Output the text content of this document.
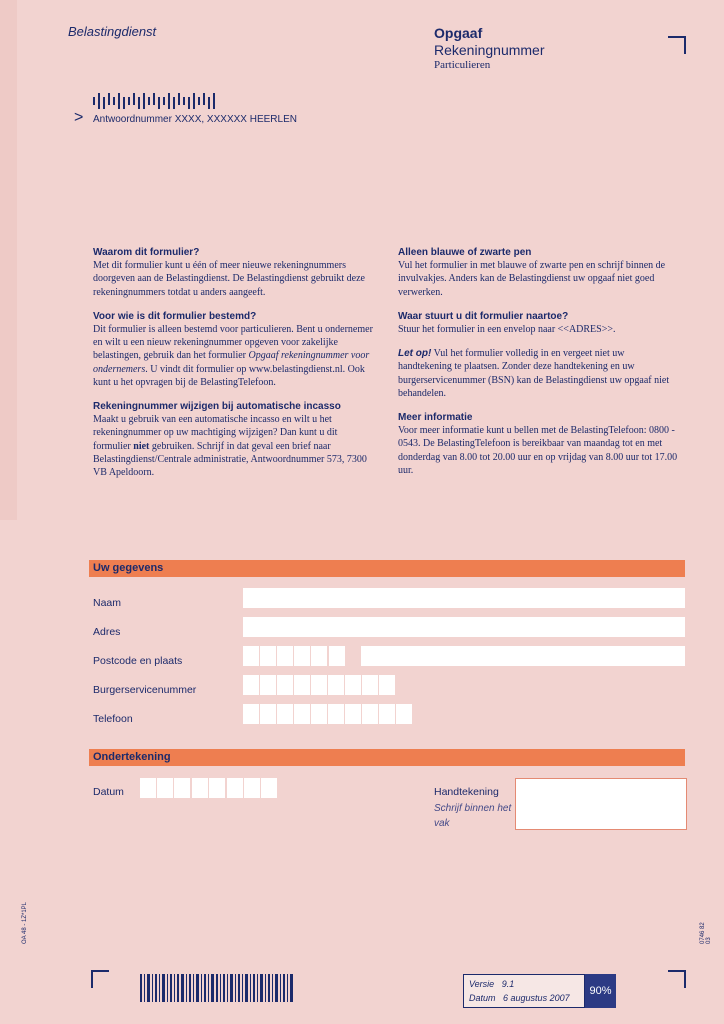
Belastingdienst	Opgaaf
Rekeningnummer
Particulieren
> Antwoordnummer XXXX, XXXXXX HEERLEN
Waarom dit formulier?

Met dit formulier kunt u één of meer nieuwe rekeningnummers doorgeven aan de Belastingdienst. De Belastingdienst gebruikt deze rekeningnummers totdat u anders aangeeft.

Voor wie is dit formulier bestemd?

Dit formulier is alleen bestemd voor particulieren. Bent u ondernemer en wilt u een nieuw rekeningnummer opgeven voor zakelijke belastingen, gebruik dan het formulier Opgaaf rekeningnummer voor ondernemers. U vindt dit formulier op www.belastingdienst.nl. Ook kunt u het opvragen bij de BelastingTelefoon.

Rekeningnummer wijzigen bij automatische incasso

Maakt u gebruik van een automatische incasso en wilt u het rekeningnummer op uw machtiging wijzigen? Dan kunt u dit formulier niet gebruiken. Schrijf in dat geval een brief naar Belastingdienst/Centrale administratie, Antwoordnummer 573, 7300 VB Apeldoorn.

Alleen blauwe of zwarte pen

Vul het formulier in met blauwe of zwarte pen en schrijf binnen de invulvakjes. Anders kan de Belastingdienst uw opgaaf niet goed verwerken.

Waar stuurt u dit formulier naartoe?

Stuur het formulier in een envelop naar <<ADRES>>.

Let op! Vul het formulier volledig in en vergeet niet uw handtekening te plaatsen. Zonder deze handtekening en uw burgerservicenummer (BSN) kan de Belastingdienst uw opgaaf niet behandelen.

Meer informatie

Voor meer informatie kunt u bellen met de BelastingTelefoon: 0800 - 0543. De BelastingTelefoon is bereikbaar van maandag tot en met donderdag van 8.00 tot 20.00 uur en op vrijdag van 8.00 uur tot 17.00 uur.

Uw gegevens
Naam
Adres
Postcode en plaats
Burgerservicenummer
Telefoon
Ondertekening
Datum	Handtekening
Schrijf binnen het vak
OA 48 - 1Z*1PL	0746 82 03
Versie 9.1
Datum 6 augustus 2007
90%
